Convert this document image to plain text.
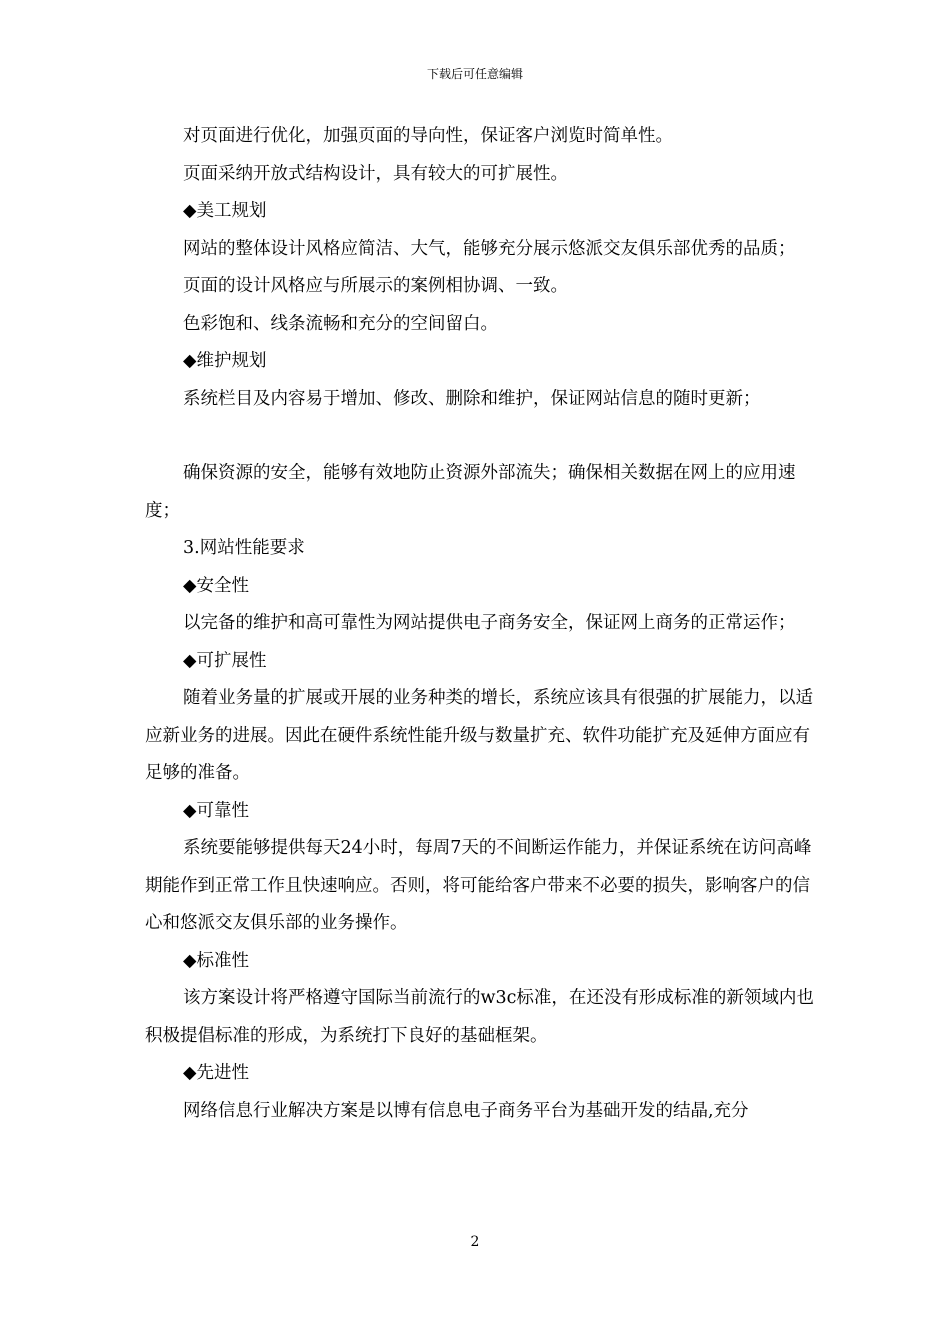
下载后可任意编辑
对页面进行优化，加强页面的导向性，保证客户浏览时简单性。
页面采纳开放式结构设计，具有较大的可扩展性。
◆美工规划
网站的整体设计风格应简洁、大气，能够充分展示悠派交友俱乐部优秀的品质；
页面的设计风格应与所展示的案例相协调、一致。
色彩饱和、线条流畅和充分的空间留白。
◆维护规划
系统栏目及内容易于增加、修改、删除和维护，保证网站信息的随时更新；
确保资源的安全，能够有效地防止资源外部流失；确保相关数据在网上的应用速度；
3.网站性能要求
◆安全性
以完备的维护和高可靠性为网站提供电子商务安全，保证网上商务的正常运作；
◆可扩展性
随着业务量的扩展或开展的业务种类的增长，系统应该具有很强的扩展能力，以适应新业务的进展。因此在硬件系统性能升级与数量扩充、软件功能扩充及延伸方面应有足够的准备。
◆可靠性
系统要能够提供每天24小时，每周7天的不间断运作能力，并保证系统在访问高峰期能作到正常工作且快速响应。否则，将可能给客户带来不必要的损失，影响客户的信心和悠派交友俱乐部的业务操作。
◆标准性
该方案设计将严格遵守国际当前流行的w3c标准，在还没有形成标准的新领域内也积极提倡标准的形成，为系统打下良好的基础框架。
◆先进性
网络信息行业解决方案是以博有信息电子商务平台为基础开发的结晶,充分
2
